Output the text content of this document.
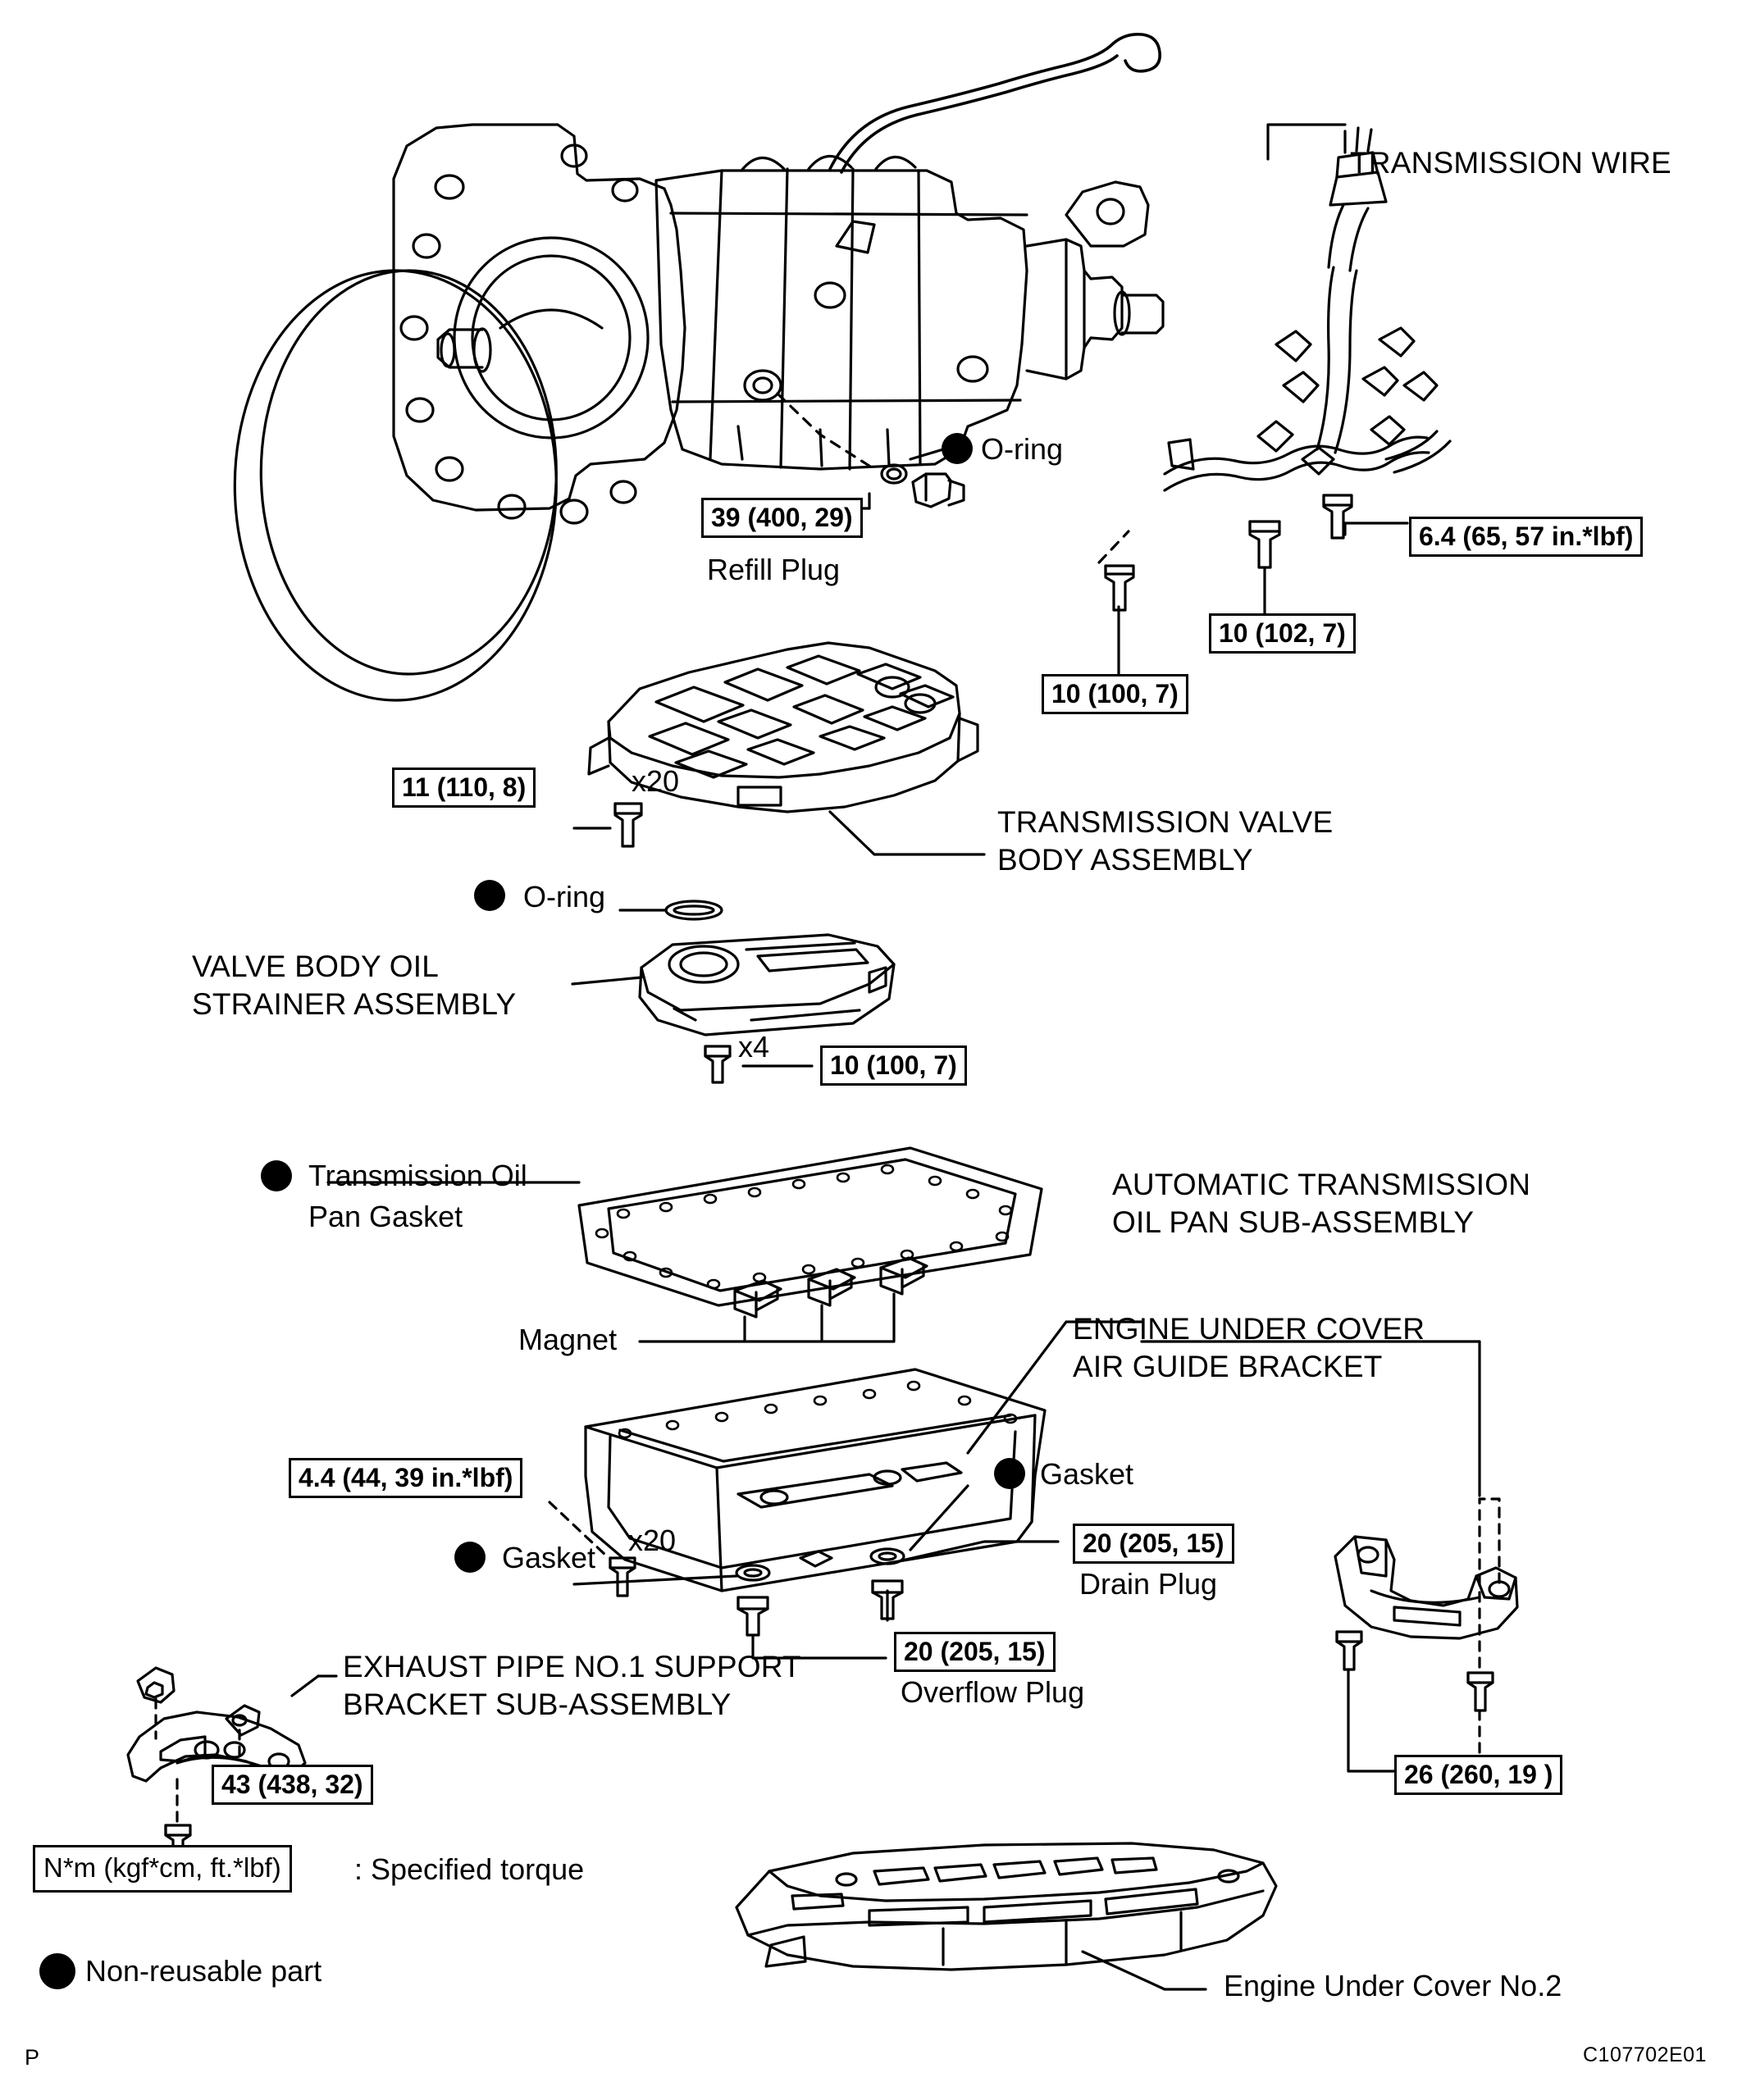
TRANSMISSION WIRE
O-ring
39 (400, 29)
Refill Plug
6.4 (65, 57 in.*lbf)
10 (102, 7)
10 (100, 7)
11 (110, 8)	x20
TRANSMISSION VALVE
BODY ASSEMBLY
O-ring
VALVE BODY OIL
STRAINER ASSEMBLY
x4
10 (100, 7)
Transmission Oil
Pan Gasket
AUTOMATIC TRANSMISSION
OIL PAN SUB-ASSEMBLY
Magnet	ENGINE UNDER COVER
AIR GUIDE BRACKET
4.4 (44, 39 in.*lbf)
x20
Gasket
20 (205, 15)
Drain Plug
Gasket
20 (205, 15)
Overflow Plug
EXHAUST PIPE NO.1 SUPPORT
BRACKET SUB-ASSEMBLY
43 (438, 32)	26 (260, 19 )
N*m (kgf*cm, ft.*lbf)	: Specified torque
Non-reusable part	Engine Under Cover No.2
P	C107702E01
